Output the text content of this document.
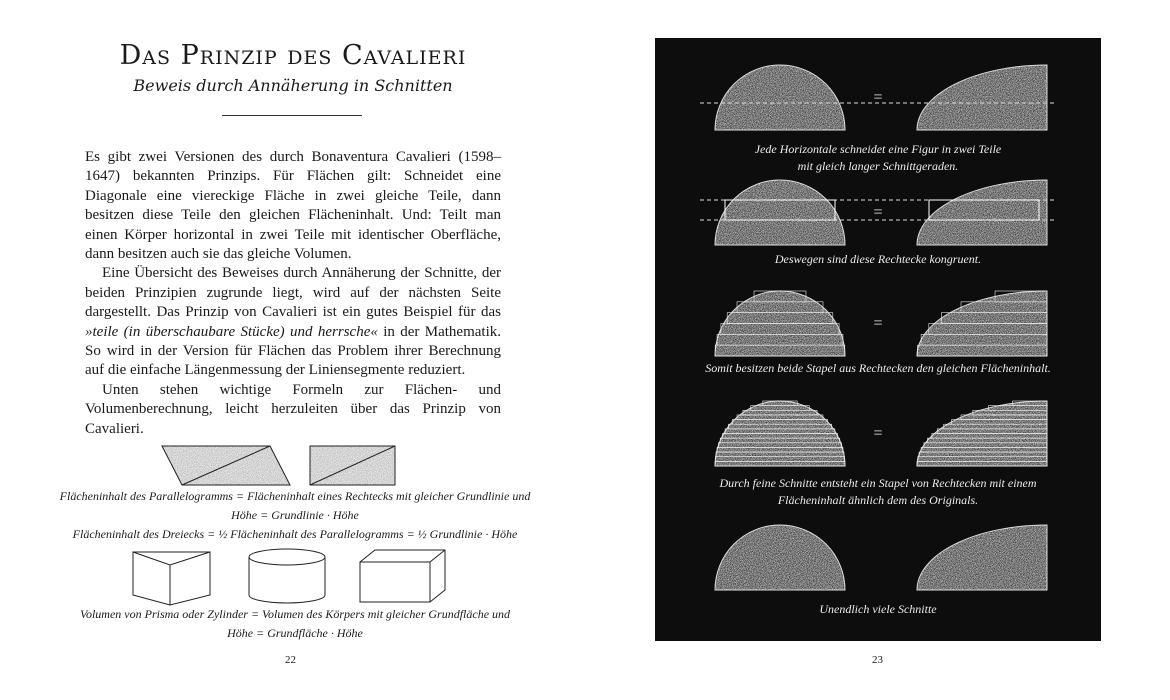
Das Prinzip des Cavalieri
Beweis durch Annäherung in Schnitten

Es gibt zwei Versionen des durch Bonaventura Cavalieri (1598–1647) bekannten Prinzips. Für Flächen gilt: Schneidet eine Diagonale eine viereckige Fläche in zwei gleiche Teile, dann besitzen diese Teile den gleichen Flächeninhalt. Und: Teilt man einen Körper horizontal in zwei Teile mit identischer Oberfläche, dann besitzen auch sie das gleiche Volumen.

Eine Übersicht des Beweises durch Annäherung der Schnitte, der beiden Prinzipien zugrunde liegt, wird auf der nächsten Seite dargestellt. Das Prinzip von Cavalieri ist ein gutes Beispiel für das »teile (in überschaubare Stücke) und herrsche« in der Mathematik. So wird in der Version für Flächen das Problem ihrer Berechnung auf die einfache Längenmessung der Liniensegmente reduziert.

Unten stehen wichtige Formeln zur Flächen- und Volumenberechnung, leicht herzuleiten über das Prinzip von Cavalieri.

Flächeninhalt des Parallelogramms = Flächeninhalt eines Rechtecks mit gleicher Grundlinie und
Höhe = Grundlinie · Höhe
Flächeninhalt des Dreiecks = ½ Flächeninhalt des Parallelogramms = ½ Grundlinie · Höhe
Volumen von Prisma oder Zylinder = Volumen des Körpers mit gleicher Grundfläche und
Höhe = Grundfläche · Höhe
22
=
=
=
=
Jede Horizontale schneidet eine Figur in zwei Teile
mit gleich langer Schnittgeraden.
Deswegen sind diese Rechtecke kongruent.
Somit besitzen beide Stapel aus Rechtecken den gleichen Flächeninhalt.
Durch feine Schnitte entsteht ein Stapel von Rechtecken mit einem
Flächeninhalt ähnlich dem des Originals.
Unendlich viele Schnitte
23
